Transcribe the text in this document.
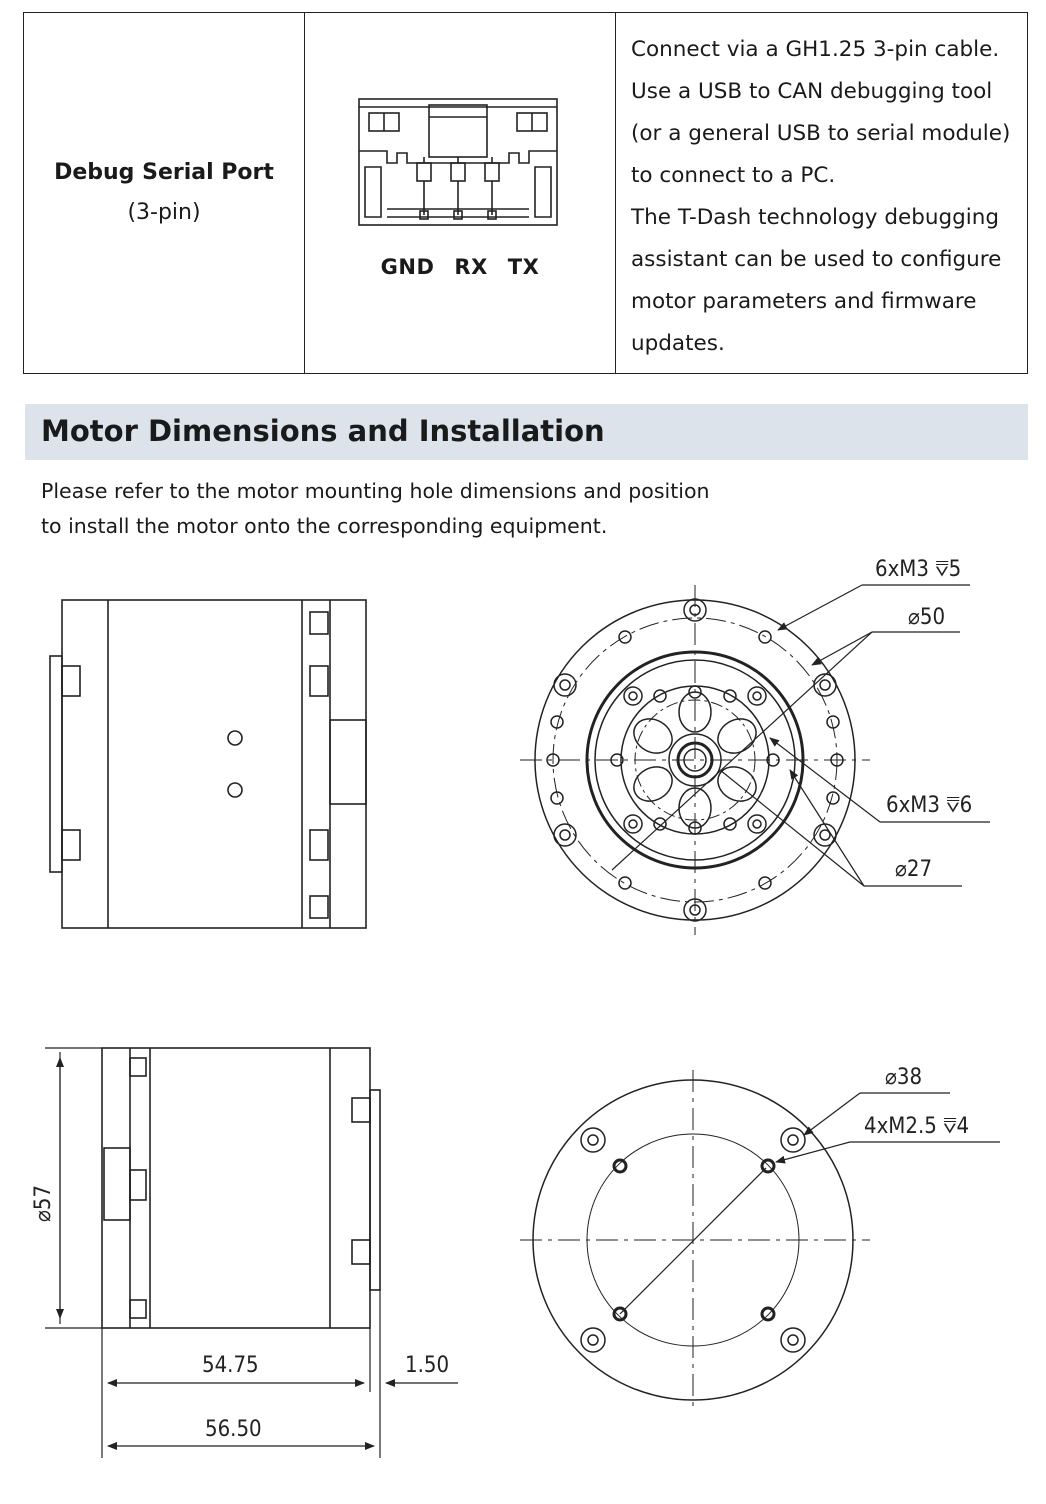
Debug Serial Port
(3-pin)
GND RX TX
Connect via a GH1.25 3-pin cable.
Use a USB to CAN debugging tool
(or a general USB to serial module)
to connect to a PC.
The T-Dash technology debugging
assistant can be used to configure
motor parameters and firmware
updates.
Motor Dimensions and Installation
Please refer to the motor mounting hole dimensions and position
to install the motor onto the corresponding equipment.
6xM3 ⩢5
⌀50
6xM3 ⩢6
⌀27
⌀38
4xM2.5 ⩢4
54.75	1.50
56.50
⌀57
